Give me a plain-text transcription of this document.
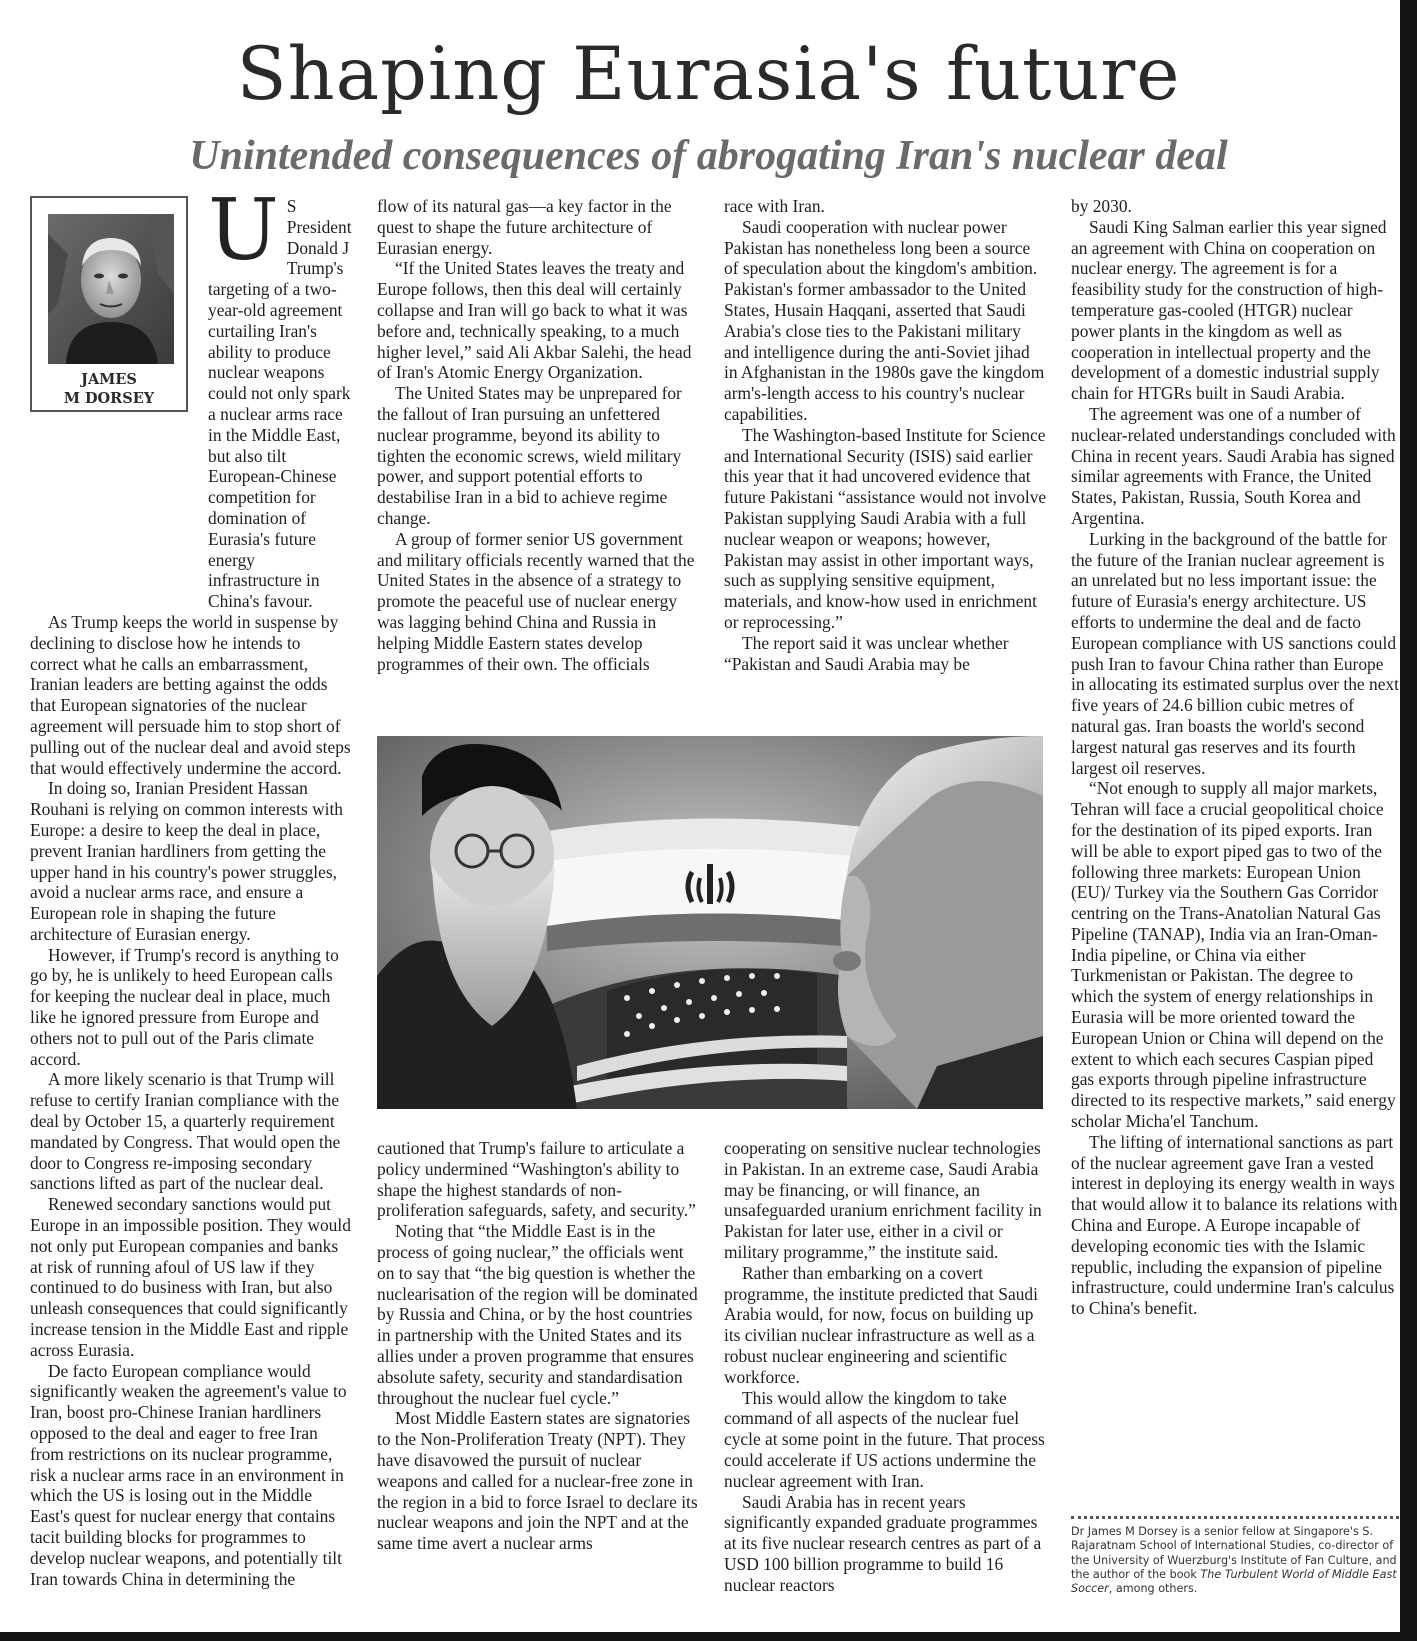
Shaping Eurasia's future
Unintended consequences of abrogating Iran's nuclear deal
U S President Donald J Trump's targeting of a two-year-old agreement curtailing Iran's ability to produce nuclear weapons could not only spark a nuclear arms race in the Middle East, but also tilt European-Chinese competition for domination of Eurasia's future energy infrastructure in China's favour.

As Trump keeps the world in suspense by declining to disclose how he intends to correct what he calls an embarrassment, Iranian leaders are betting against the odds that European signatories of the nuclear agreement will persuade him to stop short of pulling out of the nuclear deal and avoid steps that would effectively undermine the accord.

In doing so, Iranian President Hassan Rouhani is relying on common interests with Europe: a desire to keep the deal in place, prevent Iranian hardliners from getting the upper hand in his country's power struggles, avoid a nuclear arms race, and ensure a European role in shaping the future architecture of Eurasian energy.

However, if Trump's record is anything to go by, he is unlikely to heed European calls for keeping the nuclear deal in place, much like he ignored pressure from Europe and others not to pull out of the Paris climate accord.

A more likely scenario is that Trump will refuse to certify Iranian compliance with the deal by October 15, a quarterly requirement mandated by Congress. That would open the door to Congress re-imposing secondary sanctions lifted as part of the nuclear deal.

Renewed secondary sanctions would put Europe in an impossible position. They would not only put European companies and banks at risk of running afoul of US law if they continued to do business with Iran, but also unleash consequences that could significantly increase tension in the Middle East and ripple across Eurasia.

De facto European compliance would significantly weaken the agreement's value to Iran, boost pro-Chinese Iranian hardliners opposed to the deal and eager to free Iran from restrictions on its nuclear programme, risk a nuclear arms race in an environment in which the US is losing out in the Middle East's quest for nuclear energy that contains tacit building blocks for programmes to develop nuclear weapons, and potentially tilt Iran towards China in determining the

JAMES
M DORSEY

flow of its natural gas—a key factor in the quest to shape the future architecture of Eurasian energy.

“If the United States leaves the treaty and Europe follows, then this deal will certainly collapse and Iran will go back to what it was before and, technically speaking, to a much higher level,” said Ali Akbar Salehi, the head of Iran's Atomic Energy Organization.

The United States may be unprepared for the fallout of Iran pursuing an unfettered nuclear programme, beyond its ability to tighten the economic screws, wield military power, and support potential efforts to destabilise Iran in a bid to achieve regime change.

A group of former senior US government and military officials recently warned that the United States in the absence of a strategy to promote the peaceful use of nuclear energy was lagging behind China and Russia in helping Middle Eastern states develop programmes of their own. The officials

race with Iran.

Saudi cooperation with nuclear power Pakistan has nonetheless long been a source of speculation about the kingdom's ambition. Pakistan's former ambassador to the United States, Husain Haqqani, asserted that Saudi Arabia's close ties to the Pakistani military and intelligence during the anti-Soviet jihad in Afghanistan in the 1980s gave the kingdom arm's-length access to his country's nuclear capabilities.

The Washington-based Institute for Science and International Security (ISIS) said earlier this year that it had uncovered evidence that future Pakistani “assistance would not involve Pakistan supplying Saudi Arabia with a full nuclear weapon or weapons; however, Pakistan may assist in other important ways, such as supplying sensitive equipment, materials, and know-how used in enrichment or reprocessing.”

The report said it was unclear whether “Pakistan and Saudi Arabia may be

cautioned that Trump's failure to articulate a policy undermined “Washington's ability to shape the highest standards of non-proliferation safeguards, safety, and security.”

Noting that “the Middle East is in the process of going nuclear,” the officials went on to say that “the big question is whether the nuclearisation of the region will be dominated by Russia and China, or by the host countries in partnership with the United States and its allies under a proven programme that ensures absolute safety, security and standardisation throughout the nuclear fuel cycle.”

Most Middle Eastern states are signatories to the Non-Proliferation Treaty (NPT). They have disavowed the pursuit of nuclear weapons and called for a nuclear-free zone in the region in a bid to force Israel to declare its nuclear weapons and join the NPT and at the same time avert a nuclear arms

cooperating on sensitive nuclear technologies in Pakistan. In an extreme case, Saudi Arabia may be financing, or will finance, an unsafeguarded uranium enrichment facility in Pakistan for later use, either in a civil or military programme,” the institute said.

Rather than embarking on a covert programme, the institute predicted that Saudi Arabia would, for now, focus on building up its civilian nuclear infrastructure as well as a robust nuclear engineering and scientific workforce.

This would allow the kingdom to take command of all aspects of the nuclear fuel cycle at some point in the future. That process could accelerate if US actions undermine the nuclear agreement with Iran.

Saudi Arabia has in recent years significantly expanded graduate programmes at its five nuclear research centres as part of a USD 100 billion programme to build 16 nuclear reactors

by 2030.

Saudi King Salman earlier this year signed an agreement with China on cooperation on nuclear energy. The agreement is for a feasibility study for the construction of high-temperature gas-cooled (HTGR) nuclear power plants in the kingdom as well as cooperation in intellectual property and the development of a domestic industrial supply chain for HTGRs built in Saudi Arabia.

The agreement was one of a number of nuclear-related understandings concluded with China in recent years. Saudi Arabia has signed similar agreements with France, the United States, Pakistan, Russia, South Korea and Argentina.

Lurking in the background of the battle for the future of the Iranian nuclear agreement is an unrelated but no less important issue: the future of Eurasia's energy architecture. US efforts to undermine the deal and de facto European compliance with US sanctions could push Iran to favour China rather than Europe in allocating its estimated surplus over the next five years of 24.6 billion cubic metres of natural gas. Iran boasts the world's second largest natural gas reserves and its fourth largest oil reserves.

“Not enough to supply all major markets, Tehran will face a crucial geopolitical choice for the destination of its piped exports. Iran will be able to export piped gas to two of the following three markets: European Union (EU)/ Turkey via the Southern Gas Corridor centring on the Trans-Anatolian Natural Gas Pipeline (TANAP), India via an Iran-Oman-India pipeline, or China via either Turkmenistan or Pakistan. The degree to which the system of energy relationships in Eurasia will be more oriented toward the European Union or China will depend on the extent to which each secures Caspian piped gas exports through pipeline infrastructure directed to its respective markets,” said energy scholar Micha'el Tanchum.

The lifting of international sanctions as part of the nuclear agreement gave Iran a vested interest in deploying its energy wealth in ways that would allow it to balance its relations with China and Europe. A Europe incapable of developing economic ties with the Islamic republic, including the expansion of pipeline infrastructure, could undermine Iran's calculus to China's benefit.

Dr James M Dorsey is a senior fellow at Singapore's S. Rajaratnam School of International Studies, co-director of the University of Wuerzburg's Institute of Fan Culture, and the author of the book The Turbulent World of Middle East Soccer, among others.
